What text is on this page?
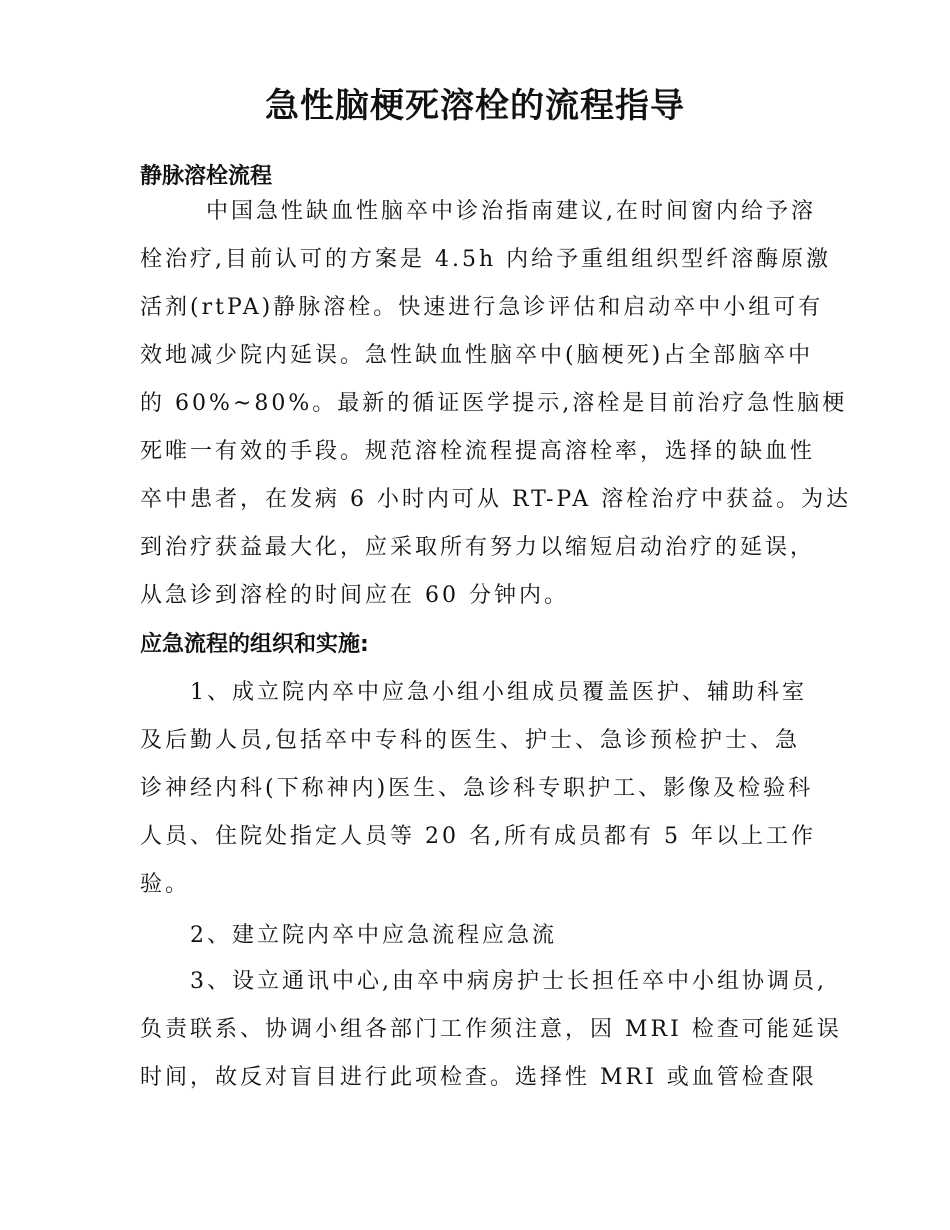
急性脑梗死溶栓的流程指导
静脉溶栓流程

中国急性缺血性脑卒中诊治指南建议,在时间窗内给予溶

栓治疗,目前认可的方案是 4.5h 内给予重组组织型纤溶酶原激

活剂(rtPA)静脉溶栓。快速进行急诊评估和启动卒中小组可有

效地减少院内延误。急性缺血性脑卒中(脑梗死)占全部脑卒中

的 60%~80%。最新的循证医学提示,溶栓是目前治疗急性脑梗

死唯一有效的手段。规范溶栓流程提高溶栓率，选择的缺血性

卒中患者，在发病 6 小时内可从 RT-PA 溶栓治疗中获益。为达

到治疗获益最大化，应采取所有努力以缩短启动治疗的延误，

从急诊到溶栓的时间应在 60 分钟内。

应急流程的组织和实施:

1、成立院内卒中应急小组小组成员覆盖医护、辅助科室

及后勤人员,包括卒中专科的医生、护士、急诊预检护士、急

诊神经内科(下称神内)医生、急诊科专职护工、影像及检验科

人员、住院处指定人员等 20 名,所有成员都有 5 年以上工作

验。

2、建立院内卒中应急流程应急流

3、设立通讯中心,由卒中病房护士长担任卒中小组协调员,

负责联系、协调小组各部门工作须注意，因 MRI 检查可能延误

时间，故反对盲目进行此项检查。选择性 MRI 或血管检查限
